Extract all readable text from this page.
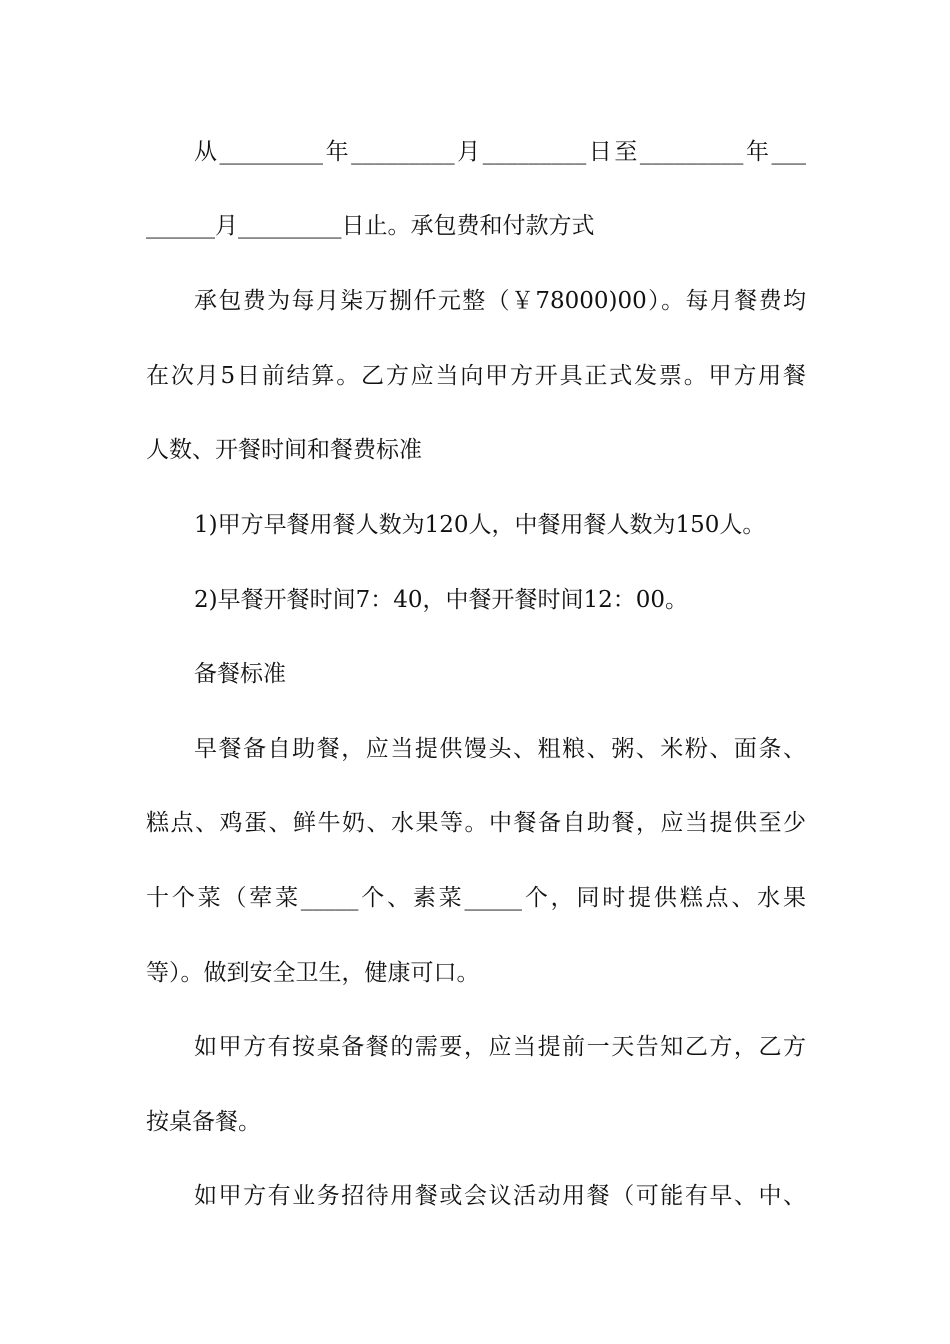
从_________年_________月_________日至_________年___
______月_________日止。承包费和付款方式
承包费为每月柒万捌仟元整（￥78000)00）。每月餐费均
在次月5日前结算。乙方应当向甲方开具正式发票。甲方用餐
人数、开餐时间和餐费标准
1)甲方早餐用餐人数为120人，中餐用餐人数为150人。
2)早餐开餐时间7：40，中餐开餐时间12：00。
备餐标准
早餐备自助餐，应当提供馒头、粗粮、粥、米粉、面条、
糕点、鸡蛋、鲜牛奶、水果等。中餐备自助餐，应当提供至少
十个菜（荤菜_____个、素菜_____个，同时提供糕点、水果
等）。做到安全卫生，健康可口。
如甲方有按桌备餐的需要，应当提前一天告知乙方，乙方
按桌备餐。
如甲方有业务招待用餐或会议活动用餐（可能有早、中、
